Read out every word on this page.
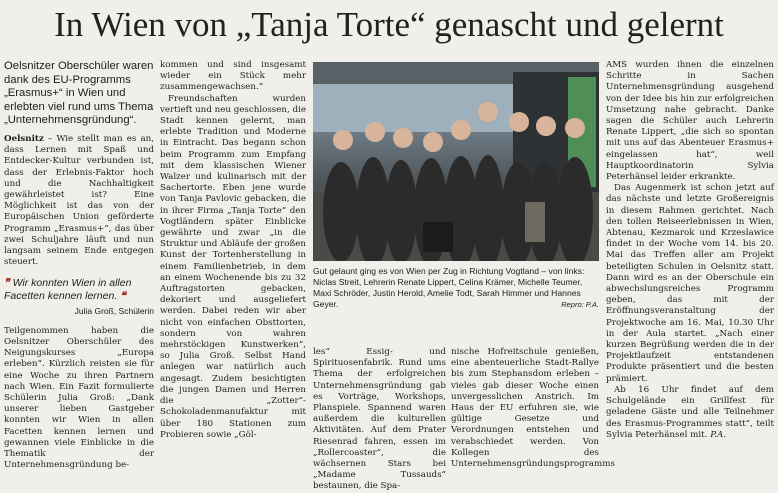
In Wien von „Tanja Torte“ genascht und gelernt

Oelsnitzer Oberschüler waren dank des EU-Programms „Erasmus+“ in Wien und erlebten viel rund ums Thema „Unternehmensgründung“.

Oelsnitz – Wie stellt man es an, dass Lernen mit Spaß und Entdecker-Kultur verbunden ist, dass der Erlebnis-Faktor hoch und die Nachhaltigkeit gewährleistet ist? Eine Möglichkeit ist das von der Europäischen Union geförderte Programm „Erasmus+“, das über zwei Schuljahre läuft und nun langsam seinem Ende entgegen steuert.

❞ Wir konnten Wien in allen Facetten kennen lernen. ❝
Julia Groß, Schülerin

Teilgenommen haben die Oelsnitzer Oberschüler des Neigungskurses „Europa erleben“. Kürzlich reisten sie für eine Woche zu ihren Partnern nach Wien. Ein Fazit formulierte Schülerin Julia Groß: „Dank unserer lieben Gastgeber konnten wir Wien in allen Facetten kennen lernen und gewannen viele Einblicke in die Thematik der Unternehmensgründung be-

kommen und sind insgesamt wieder ein Stück mehr zusammengewachsen.“

Freundschaften wurden vertieft und neu geschlossen, die Stadt kennen gelernt, man erlebte Tradition und Moderne in Eintracht. Das begann schon beim Programm zum Empfang mit dem klassischen Wiener Walzer und kulinarisch mit der Sachertorte. Eben jene wurde von Tanja Pavlovic gebacken, die in ihrer Firma „Tanja Torte“ den Vogtländern später Einblicke gewährte und zwar „in die Struktur und Abläufe der großen Kunst der Tortenherstellung in einem Familienbetrieb, in dem an einem Wochenende bis zu 32 Auftragstorten gebacken, dekoriert und ausgeliefert werden. Dabei reden wir aber nicht von einfachen Obsttorten, sondern von wahren mehrstöckigen Kunstwerken“, so Julia Groß. Selbst Hand anlegen war natürlich auch angesagt. Zudem besichtigten die jungen Damen und Herren die „Zotter“-Schokoladenmanufaktur mit über 180 Stationen zum Probieren sowie „Göl-

Gut gelaunt ging es von Wien per Zug in Richtung Vogtland – von links: Niclas Streit, Lehrerin Renate Lippert, Celina Krämer, Michelle Teumer, Maxi Schröder, Justin Herold, Amelie Todt, Sarah Himmer und Hannes Geyer.	Repro: P.A.

les“ Essig- und Spirituosenfabrik. Rund ums Thema der erfolgreichen Unternehmensgründung gab es Vorträge, Workshops, Planspiele. Spannend waren außerdem die kulturellen Aktivitäten. Auf dem Prater Riesenrad fahren, essen im „Rollercoaster“, die wächsernen Stars bei „Madame Tussauds“ bestaunen, die Spa-

nische Hofreitschule genießen, eine abenteuerliche Stadt-Rallye bis zum Stephansdom erleben – vieles gab dieser Woche einen unvergesslichen Anstrich. Im Haus der EU erfuhren sie, wie gültige Gesetze und Verordnungen entstehen und verabschiedet werden. Von Kollegen des Unternehmensgründungsprogramms

AMS wurden ihnen die einzelnen Schritte in Sachen Unternehmensgründung ausgehend von der Idee bis hin zur erfolgreichen Umsetzung nahe gebracht. Danke sagen die Schüler auch Lehrerin Renate Lippert, „die sich so spontan mit uns auf das Abenteuer Erasmus+ eingelassen hat“, weil Hauptkoordinatorin Sylvia Peterhänsel leider erkrankte.

Das Augenmerk ist schon jetzt auf das nächste und letzte Großereignis in diesem Rahmen gerichtet. Nach den tollen Reiseerlebnissen in Wien, Abtenau, Kezmarok und Krzeslawice findet in der Woche vom 14. bis 20. Mai das Treffen aller am Projekt beteiligten Schulen in Oelsnitz statt. Dann wird es an der Oberschule ein abwechslungsreiches Programm geben, das mit der Eröffnungsveranstaltung der Projektwoche am 16. Mai, 10.30 Uhr in der Aula startet. „Nach einer kurzen Begrüßung werden die in der Projektlaufzeit entstandenen Produkte präsentiert und die besten prämiert.

Ab 16 Uhr findet auf dem Schulgelände ein Grillfest für geladene Gäste und alle Teilnehmer des Erasmus-Programmes statt“, teilt Sylvia Peterhänsel mit. P.A.
